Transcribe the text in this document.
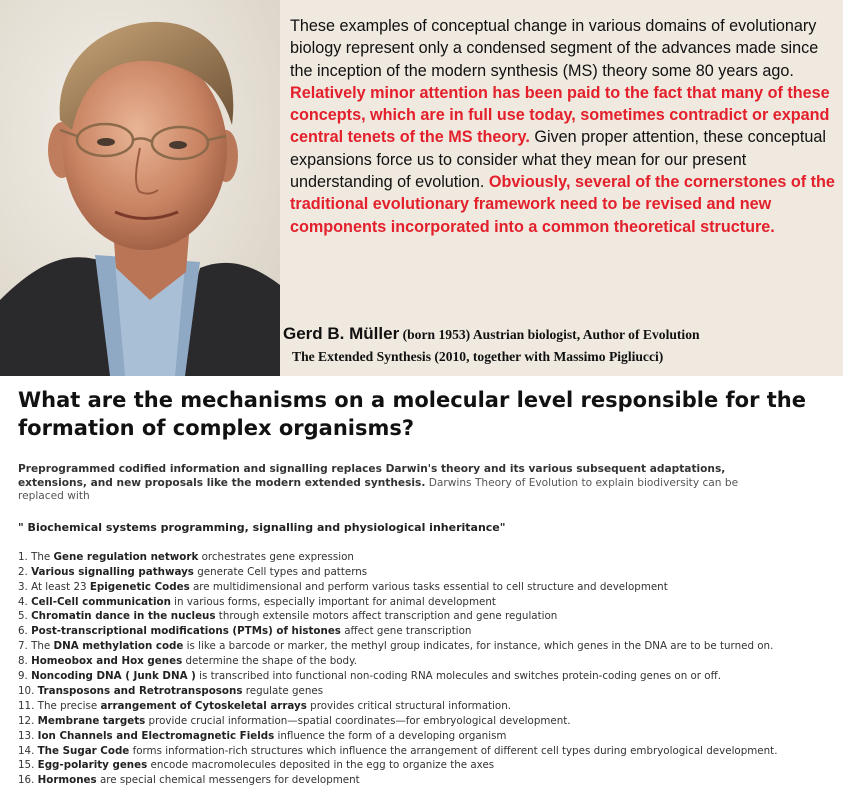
These examples of conceptual change in various domains of evolutionary biology represent only a condensed segment of the advances made since the inception of the modern synthesis (MS) theory some 80 years ago. Relatively minor attention has been paid to the fact that many of these concepts, which are in full use today, sometimes contradict or expand central tenets of the MS theory. Given proper attention, these conceptual expansions force us to consider what they mean for our present understanding of evolution. Obviously, several of the cornerstones of the traditional evolutionary framework need to be revised and new components incorporated into a common theoretical structure.
Gerd B. Müller (born 1953) Austrian biologist, Author of Evolution
The Extended Synthesis (2010, together with Massimo Pigliucci)
What are the mechanisms on a molecular level responsible for the formation of complex organisms?
Preprogrammed codified information and signalling replaces Darwin's theory and its various subsequent adaptations, extensions, and new proposals like the modern extended synthesis. Darwins Theory of Evolution to explain biodiversity can be replaced with
" Biochemical systems programming, signalling and physiological inheritance"
1. The Gene regulation network orchestrates gene expression
2. Various signalling pathways generate Cell types and patterns
3. At least 23 Epigenetic Codes are multidimensional and perform various tasks essential to cell structure and development
4. Cell-Cell communication in various forms, especially important for animal development
5. Chromatin dance in the nucleus through extensile motors affect transcription and gene regulation
6. Post-transcriptional modifications (PTMs) of histones affect gene transcription
7. The DNA methylation code is like a barcode or marker, the methyl group indicates, for instance, which genes in the DNA are to be turned on.
8. Homeobox and Hox genes determine the shape of the body.
9. Noncoding DNA ( Junk DNA ) is transcribed into functional non-coding RNA molecules and switches protein-coding genes on or off.
10. Transposons and Retrotransposons regulate genes
11. The precise arrangement of Cytoskeletal arrays provides critical structural information.
12. Membrane targets provide crucial information—spatial coordinates—for embryological development.
13. Ion Channels and Electromagnetic Fields influence the form of a developing organism
14. The Sugar Code forms information-rich structures which influence the arrangement of different cell types during embryological development.
15. Egg-polarity genes encode macromolecules deposited in the egg to organize the axes
16. Hormones are special chemical messengers for development
